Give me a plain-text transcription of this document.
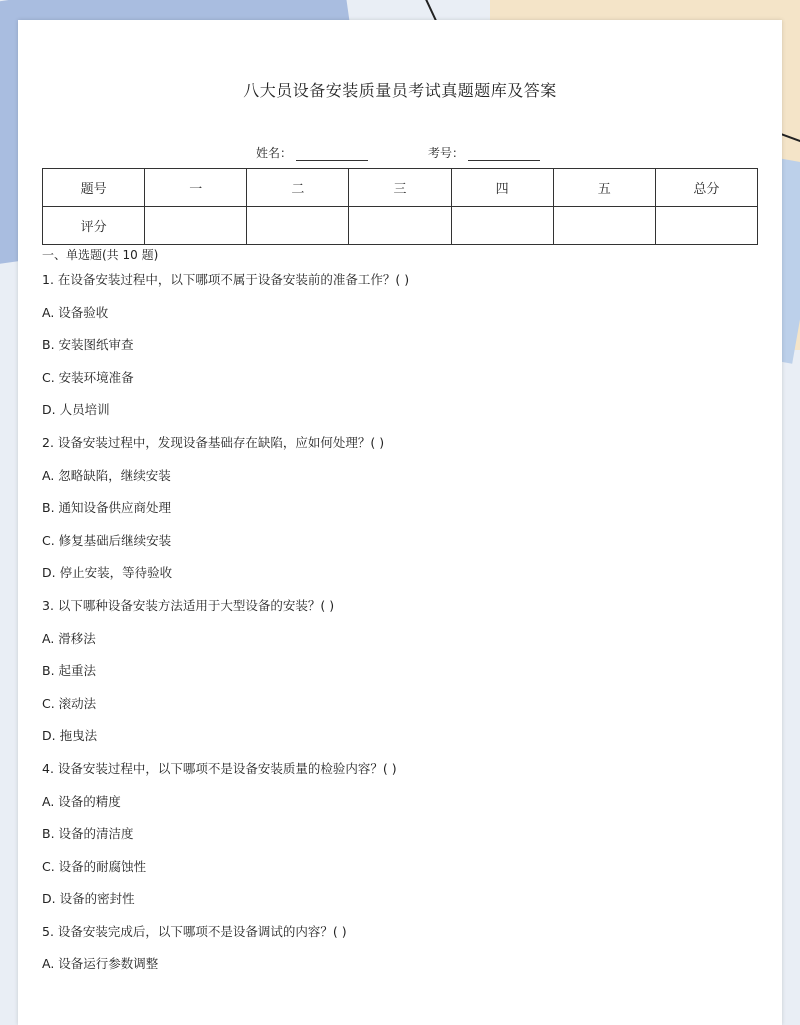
八大员设备安装质量员考试真题题库及答案
姓名：	考号：
题号	一	二	三	四	五	总分
评分						
一、单选题(共 10 题)
1. 在设备安装过程中，以下哪项不属于设备安装前的准备工作？( )
A. 设备验收
B. 安装图纸审查
C. 安装环境准备
D. 人员培训
2. 设备安装过程中，发现设备基础存在缺陷，应如何处理？( )
A. 忽略缺陷，继续安装
B. 通知设备供应商处理
C. 修复基础后继续安装
D. 停止安装，等待验收
3. 以下哪种设备安装方法适用于大型设备的安装？( )
A. 滑移法
B. 起重法
C. 滚动法
D. 拖曳法
4. 设备安装过程中，以下哪项不是设备安装质量的检验内容？( )
A. 设备的精度
B. 设备的清洁度
C. 设备的耐腐蚀性
D. 设备的密封性
5. 设备安装完成后，以下哪项不是设备调试的内容？( )
A. 设备运行参数调整
